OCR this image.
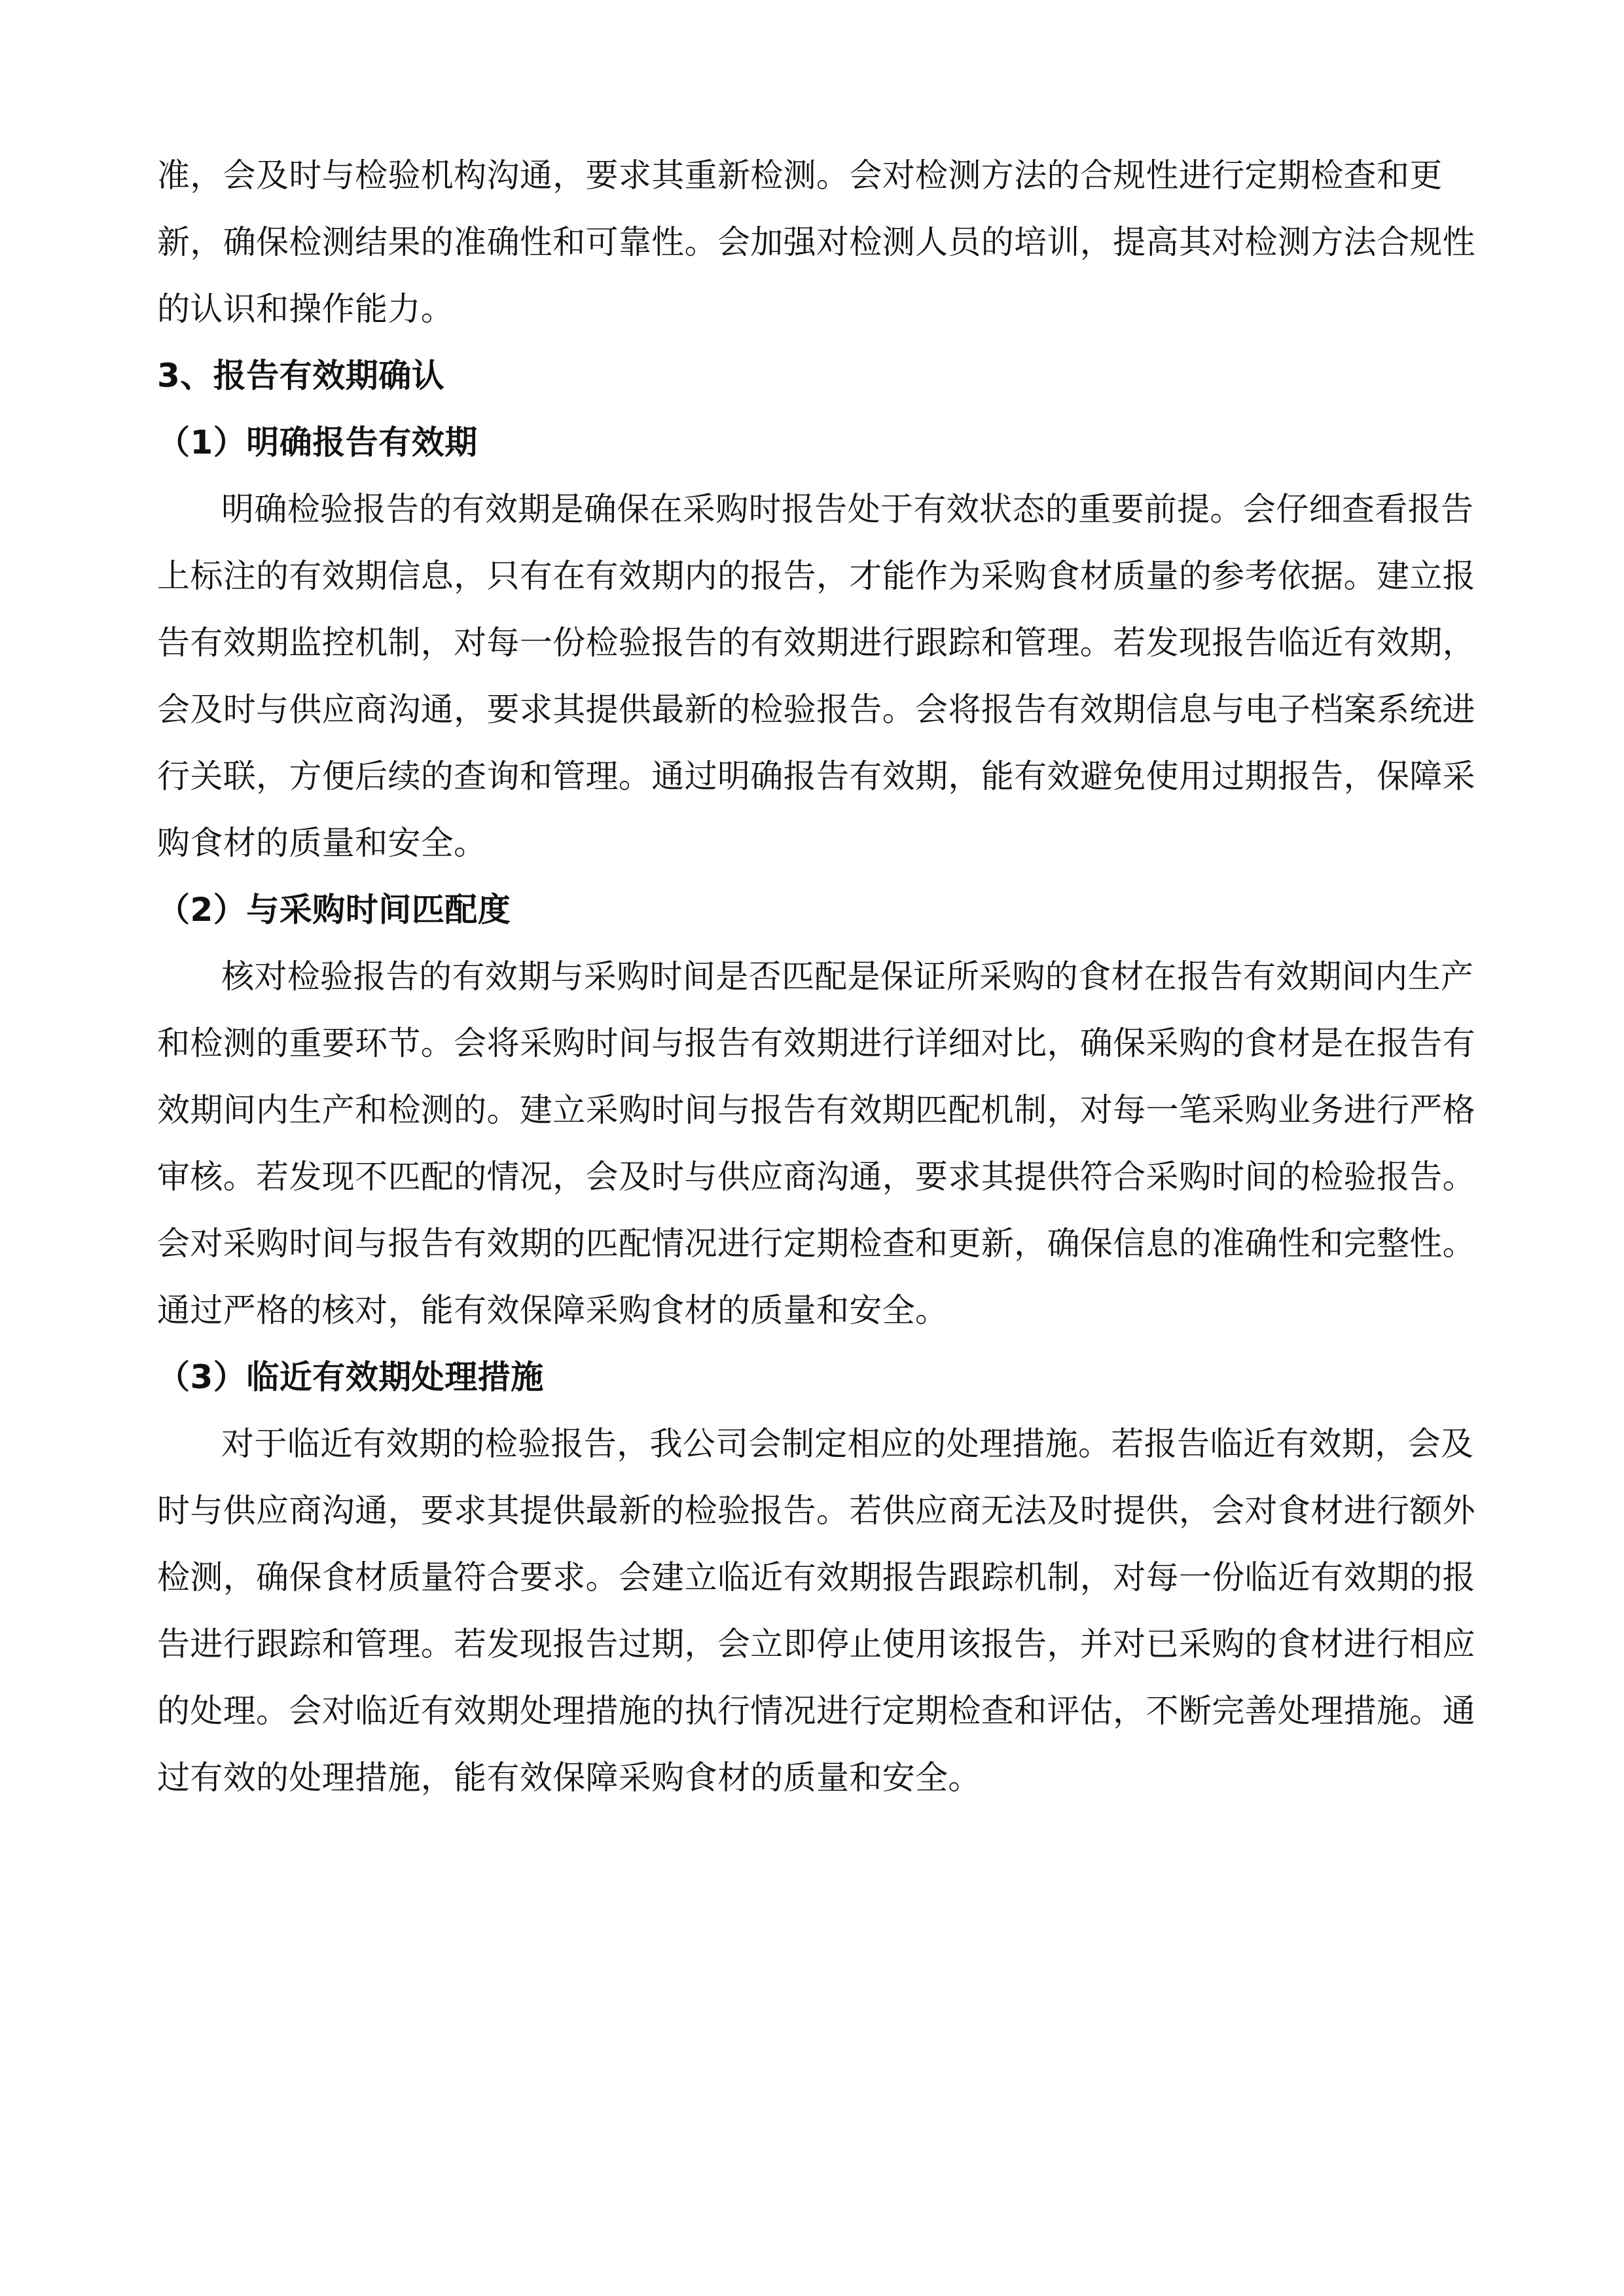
准，会及时与检验机构沟通，要求其重新检测。会对检测方法的合规性进行定期检查和更
新，确保检测结果的准确性和可靠性。会加强对检测人员的培训，提高其对检测方法合规性
的认识和操作能力。
3、报告有效期确认
（1）明确报告有效期
明确检验报告的有效期是确保在采购时报告处于有效状态的重要前提。会仔细查看报告
上标注的有效期信息，只有在有效期内的报告，才能作为采购食材质量的参考依据。建立报
告有效期监控机制，对每一份检验报告的有效期进行跟踪和管理。若发现报告临近有效期，
会及时与供应商沟通，要求其提供最新的检验报告。会将报告有效期信息与电子档案系统进
行关联，方便后续的查询和管理。通过明确报告有效期，能有效避免使用过期报告，保障采
购食材的质量和安全。
（2）与采购时间匹配度
核对检验报告的有效期与采购时间是否匹配是保证所采购的食材在报告有效期间内生产
和检测的重要环节。会将采购时间与报告有效期进行详细对比，确保采购的食材是在报告有
效期间内生产和检测的。建立采购时间与报告有效期匹配机制，对每一笔采购业务进行严格
审核。若发现不匹配的情况，会及时与供应商沟通，要求其提供符合采购时间的检验报告。
会对采购时间与报告有效期的匹配情况进行定期检查和更新，确保信息的准确性和完整性。
通过严格的核对，能有效保障采购食材的质量和安全。
（3）临近有效期处理措施
对于临近有效期的检验报告，我公司会制定相应的处理措施。若报告临近有效期，会及
时与供应商沟通，要求其提供最新的检验报告。若供应商无法及时提供，会对食材进行额外
检测，确保食材质量符合要求。会建立临近有效期报告跟踪机制，对每一份临近有效期的报
告进行跟踪和管理。若发现报告过期，会立即停止使用该报告，并对已采购的食材进行相应
的处理。会对临近有效期处理措施的执行情况进行定期检查和评估，不断完善处理措施。通
过有效的处理措施，能有效保障采购食材的质量和安全。
